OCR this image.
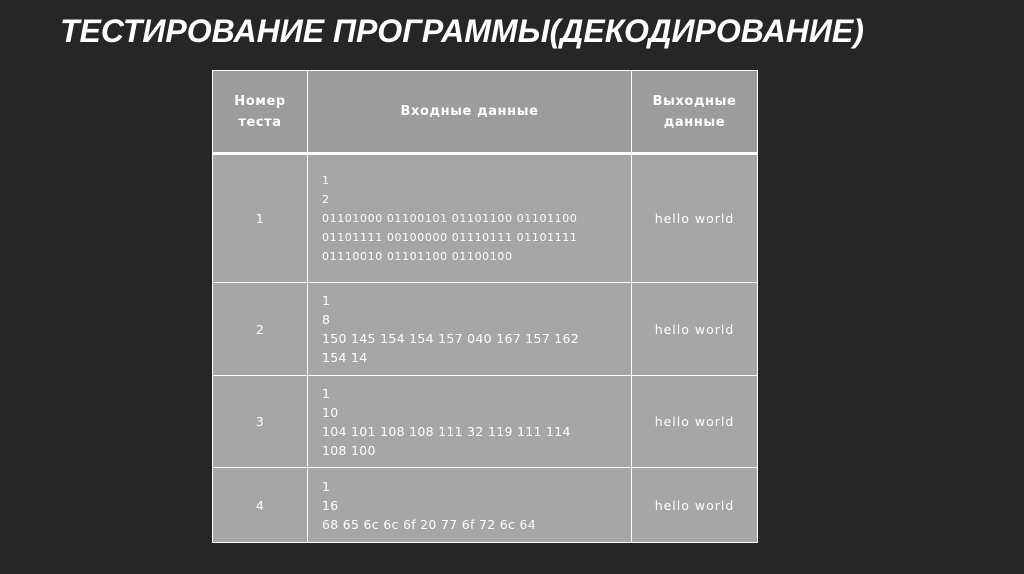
ТЕСТИРОВАНИЕ ПРОГРАММЫ(ДЕКОДИРОВАНИЕ)
Номер
теста	Входные данные	Выходные
данные

1	1
2
01101000 01100101 01101100 01101100
01101111 00100000 01110111 01101111
01110010 01101100 01100100	hello world
2	1
8
150 145 154 154 157 040 167 157 162
154 14	hello world
3	1
10
104 101 108 108 111 32 119 111 114
108 100	hello world
4	1
16
68 65 6c 6c 6f 20 77 6f 72 6c 64	hello world
